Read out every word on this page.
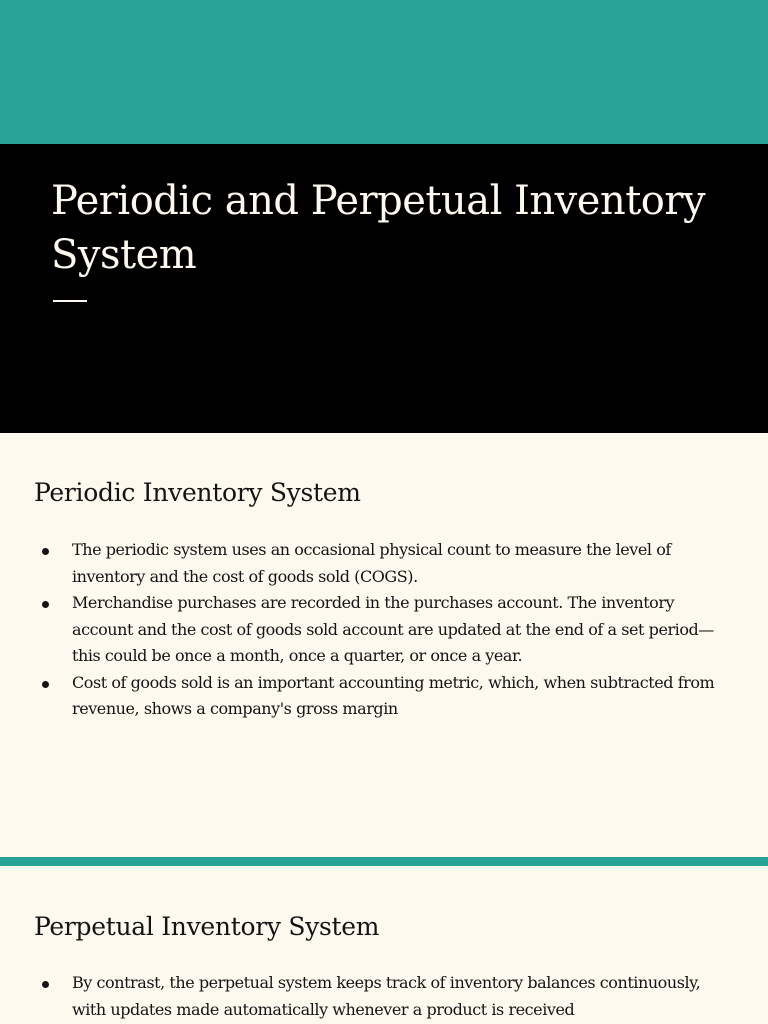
Periodic and Perpetual Inventory System
Periodic Inventory System
The periodic system uses an occasional physical count to measure the level of inventory and the cost of goods sold (COGS).
Merchandise purchases are recorded in the purchases account. The inventory account and the cost of goods sold account are updated at the end of a set period—this could be once a month, once a quarter, or once a year.
Cost of goods sold is an important accounting metric, which, when subtracted from revenue, shows a company's gross margin
Perpetual Inventory System
By contrast, the perpetual system keeps track of inventory balances continuously, with updates made automatically whenever a product is received
